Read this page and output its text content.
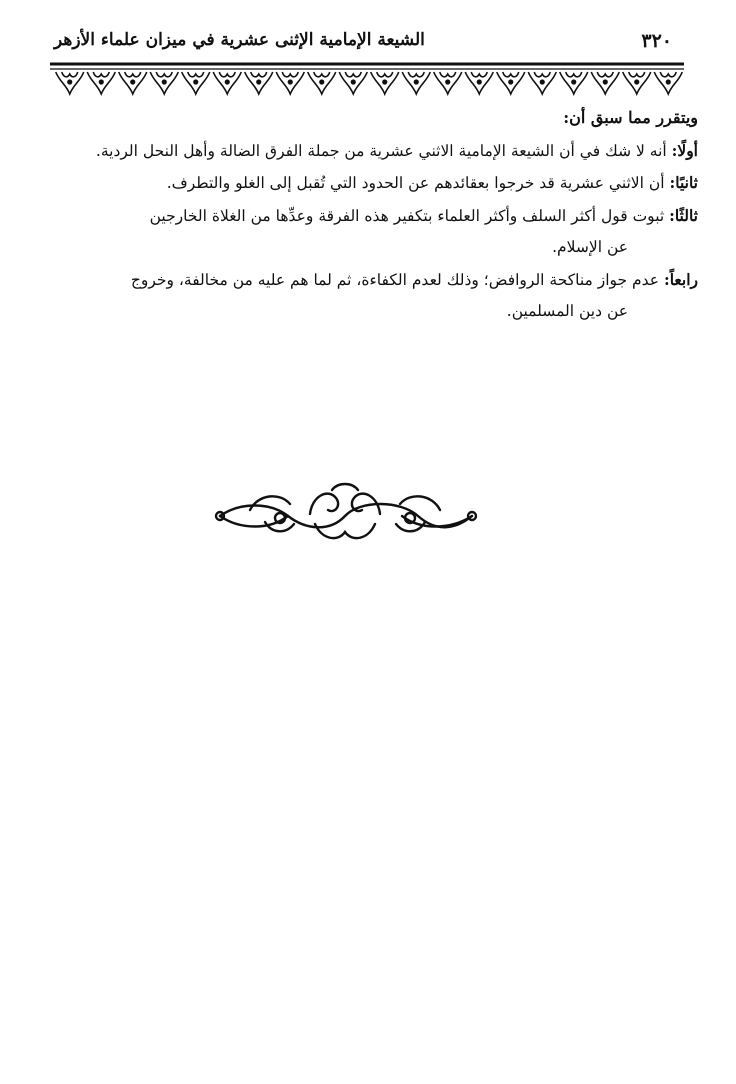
٣٢٠
الشيعة الإمامية الإثنى عشرية في ميزان علماء الأزهر

ويتقرر مما سبق أن:

أولًا: أنه لا شك في أن الشيعة الإمامية الاثني عشرية من جملة الفرق الضالة وأهل النحل الردية.

ثانيًا: أن الاثني عشرية قد خرجوا بعقائدهم عن الحدود التي تُقبل إلى الغلو والتطرف.

ثالثًا: ثبوت قول أكثر السلف وأكثر العلماء بتكفير هذه الفرقة وعدِّها من الغلاة الخارجين

عن الإسلام.

رابعاً: عدم جواز مناكحة الروافض؛ وذلك لعدم الكفاءة، ثم لما هم عليه من مخالفة، وخروج

عن دين المسلمين.
